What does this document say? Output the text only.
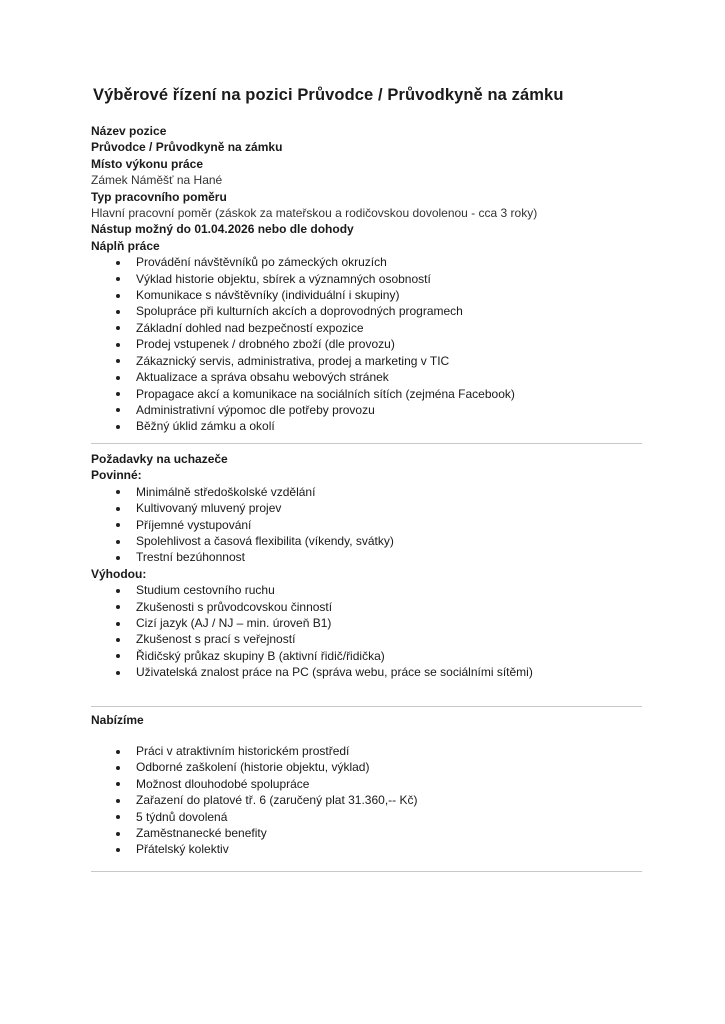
Výběrové řízení na pozici Průvodce / Průvodkyně na zámku
Název pozice
Průvodce / Průvodkyně na zámku
Místo výkonu práce
Zámek Náměšť na Hané
Typ pracovního poměru
Hlavní pracovní poměr (záskok za mateřskou a rodičovskou dovolenou - cca 3 roky)
Nástup možný do 01.04.2026 nebo dle dohody
Náplň práce
Provádění návštěvníků po zámeckých okruzích
Výklad historie objektu, sbírek a významných osobností
Komunikace s návštěvníky (individuální i skupiny)
Spolupráce při kulturních akcích a doprovodných programech
Základní dohled nad bezpečností expozice
Prodej vstupenek / drobného zboží (dle provozu)
Zákaznický servis, administrativa, prodej a marketing v TIC
Aktualizace a správa obsahu webových stránek
Propagace akcí a komunikace na sociálních sítích (zejména Facebook)
Administrativní výpomoc dle potřeby provozu
Běžný úklid zámku a okolí
Požadavky na uchazeče
Povinné:
Minimálně středoškolské vzdělání
Kultivovaný mluvený projev
Příjemné vystupování
Spolehlivost a časová flexibilita (víkendy, svátky)
Trestní bezúhonnost
Výhodou:
Studium cestovního ruchu
Zkušenosti s průvodcovskou činností
Cizí jazyk (AJ / NJ – min. úroveň B1)
Zkušenost s prací s veřejností
Řidičský průkaz skupiny B (aktivní řidič/řidička)
Uživatelská znalost práce na PC (správa webu, práce se sociálními sítěmi)
Nabízíme
Práci v atraktivním historickém prostředí
Odborné zaškolení (historie objektu, výklad)
Možnost dlouhodobé spolupráce
Zařazení do platové tř. 6 (zaručený plat 31.360,-- Kč)
5 týdnů dovolená
Zaměstnanecké benefity
Přátelský kolektiv
